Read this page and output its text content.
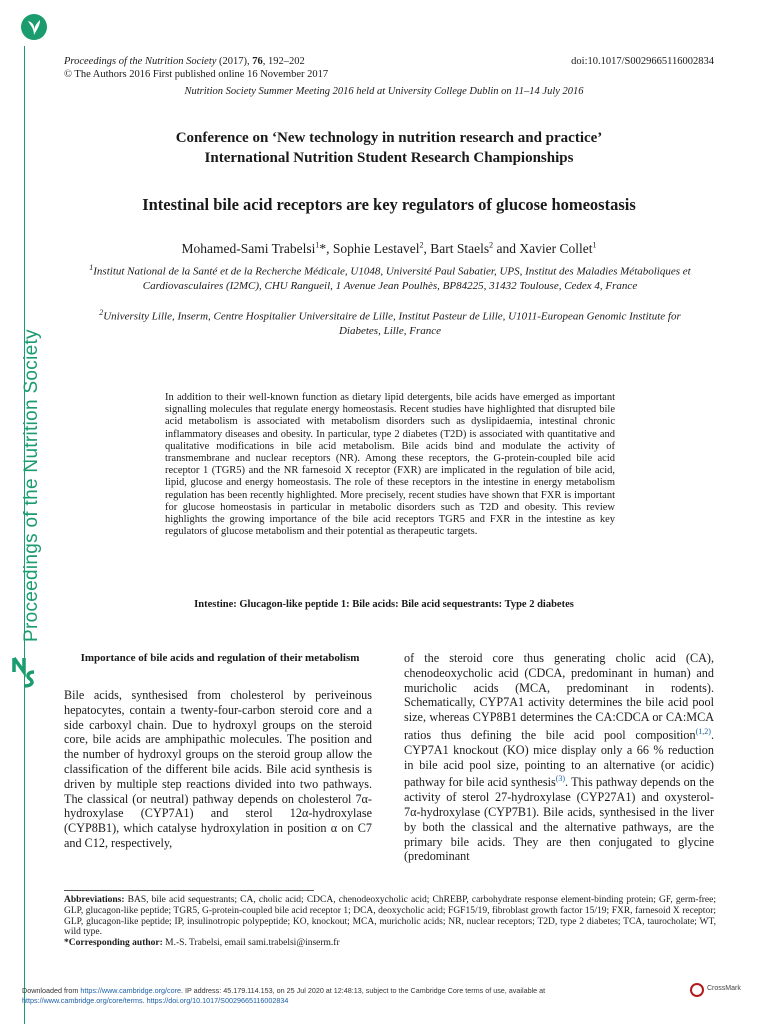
Proceedings of the Nutrition Society
Proceedings of the Nutrition Society (2017), 76, 192–202
© The Authors 2016 First published online 16 November 2017
doi:10.1017/S0029665116002834
Nutrition Society Summer Meeting 2016 held at University College Dublin on 11–14 July 2016
Conference on ‘New technology in nutrition research and practice’
International Nutrition Student Research Championships
Intestinal bile acid receptors are key regulators of glucose homeostasis
Mohamed-Sami Trabelsi$^1$*, Sophie Lestavel$^2$, Bart Staels$^2$ and Xavier Collet$^1$
$^1$Institut National de la Santé et de la Recherche Médicale, U1048, Université Paul Sabatier, UPS, Institut des Maladies Métaboliques et Cardiovasculaires (I2MC), CHU Rangueil, 1 Avenue Jean Poulhès, BP84225, 31432 Toulouse, Cedex 4, France
$^2$University Lille, Inserm, Centre Hospitalier Universitaire de Lille, Institut Pasteur de Lille, U1011-European Genomic Institute for Diabetes, Lille, France
In addition to their well-known function as dietary lipid detergents, bile acids have emerged as important signalling molecules that regulate energy homeostasis. Recent studies have highlighted that disrupted bile acid metabolism is associated with metabolism disorders such as dyslipidaemia, intestinal chronic inflammatory diseases and obesity. In particular, type 2 diabetes (T2D) is associated with quantitative and qualitative modifications in bile acid metabolism. Bile acids bind and modulate the activity of transmembrane and nuclear receptors (NR). Among these receptors, the G-protein-coupled bile acid receptor 1 (TGR5) and the NR farnesoid X receptor (FXR) are implicated in the regulation of bile acid, lipid, glucose and energy homeostasis. The role of these receptors in the intestine in energy metabolism regulation has been recently highlighted. More precisely, recent studies have shown that FXR is important for glucose homeostasis in particular in metabolic disorders such as T2D and obesity. This review highlights the growing importance of the bile acid receptors TGR5 and FXR in the intestine as key regulators of glucose metabolism and their potential as therapeutic targets.
Intestine: Glucagon-like peptide 1: Bile acids: Bile acid sequestrants: Type 2 diabetes
Importance of bile acids and regulation of their metabolism
Bile acids, synthesised from cholesterol by periveinous hepatocytes, contain a twenty-four-carbon steroid core and a side carboxyl chain. Due to hydroxyl groups on the steroid core, bile acids are amphipathic molecules. The position and the number of hydroxyl groups on the steroid group allow the classification of the different bile acids. Bile acid synthesis is driven by multiple step reactions divided into two pathways. The classical (or neutral) pathway depends on cholesterol 7α-hydroxylase (CYP7A1) and sterol 12α-hydroxylase (CYP8B1), which catalyse hydroxylation in position α on C7 and C12, respectively,
of the steroid core thus generating cholic acid (CA), chenodeoxycholic acid (CDCA, predominant in human) and muricholic acids (MCA, predominant in rodents). Schematically, CYP7A1 activity determines the bile acid pool size, whereas CYP8B1 determines the CA:CDCA or CA:MCA ratios thus defining the bile acid pool composition$^{(1,2)}$. CYP7A1 knockout (KO) mice display only a 66 % reduction in bile acid pool size, pointing to an alternative (or acidic) pathway for bile acid synthesis$^{(3)}$. This pathway depends on the activity of sterol 27-hydroxylase (CYP27A1) and oxysterol-7α-hydroxylase (CYP7B1). Bile acids, synthesised in the liver by both the classical and the alternative pathways, are the primary bile acids. They are then conjugated to glycine (predominant
Abbreviations: BAS, bile acid sequestrants; CA, cholic acid; CDCA, chenodeoxycholic acid; ChREBP, carbohydrate response element-binding protein; GF, germ-free; GLP, glucagon-like peptide; TGR5, G-protein-coupled bile acid receptor 1; DCA, deoxycholic acid; FGF15/19, fibroblast growth factor 15/19; FXR, farnesoid X receptor; GLP, glucagon-like peptide; IP, insulinotropic polypeptide; KO, knockout; MCA, muricholic acids; NR, nuclear receptors; T2D, type 2 diabetes; TCA, taurocholate; WT, wild type.
*Corresponding author: M.-S. Trabelsi, email sami.trabelsi@inserm.fr
Downloaded from https://www.cambridge.org/core. IP address: 45.179.114.153, on 25 Jul 2020 at 12:48:13, subject to the Cambridge Core terms of use, available at
https://www.cambridge.org/core/terms. https://doi.org/10.1017/S0029665116002834
CrossMark
